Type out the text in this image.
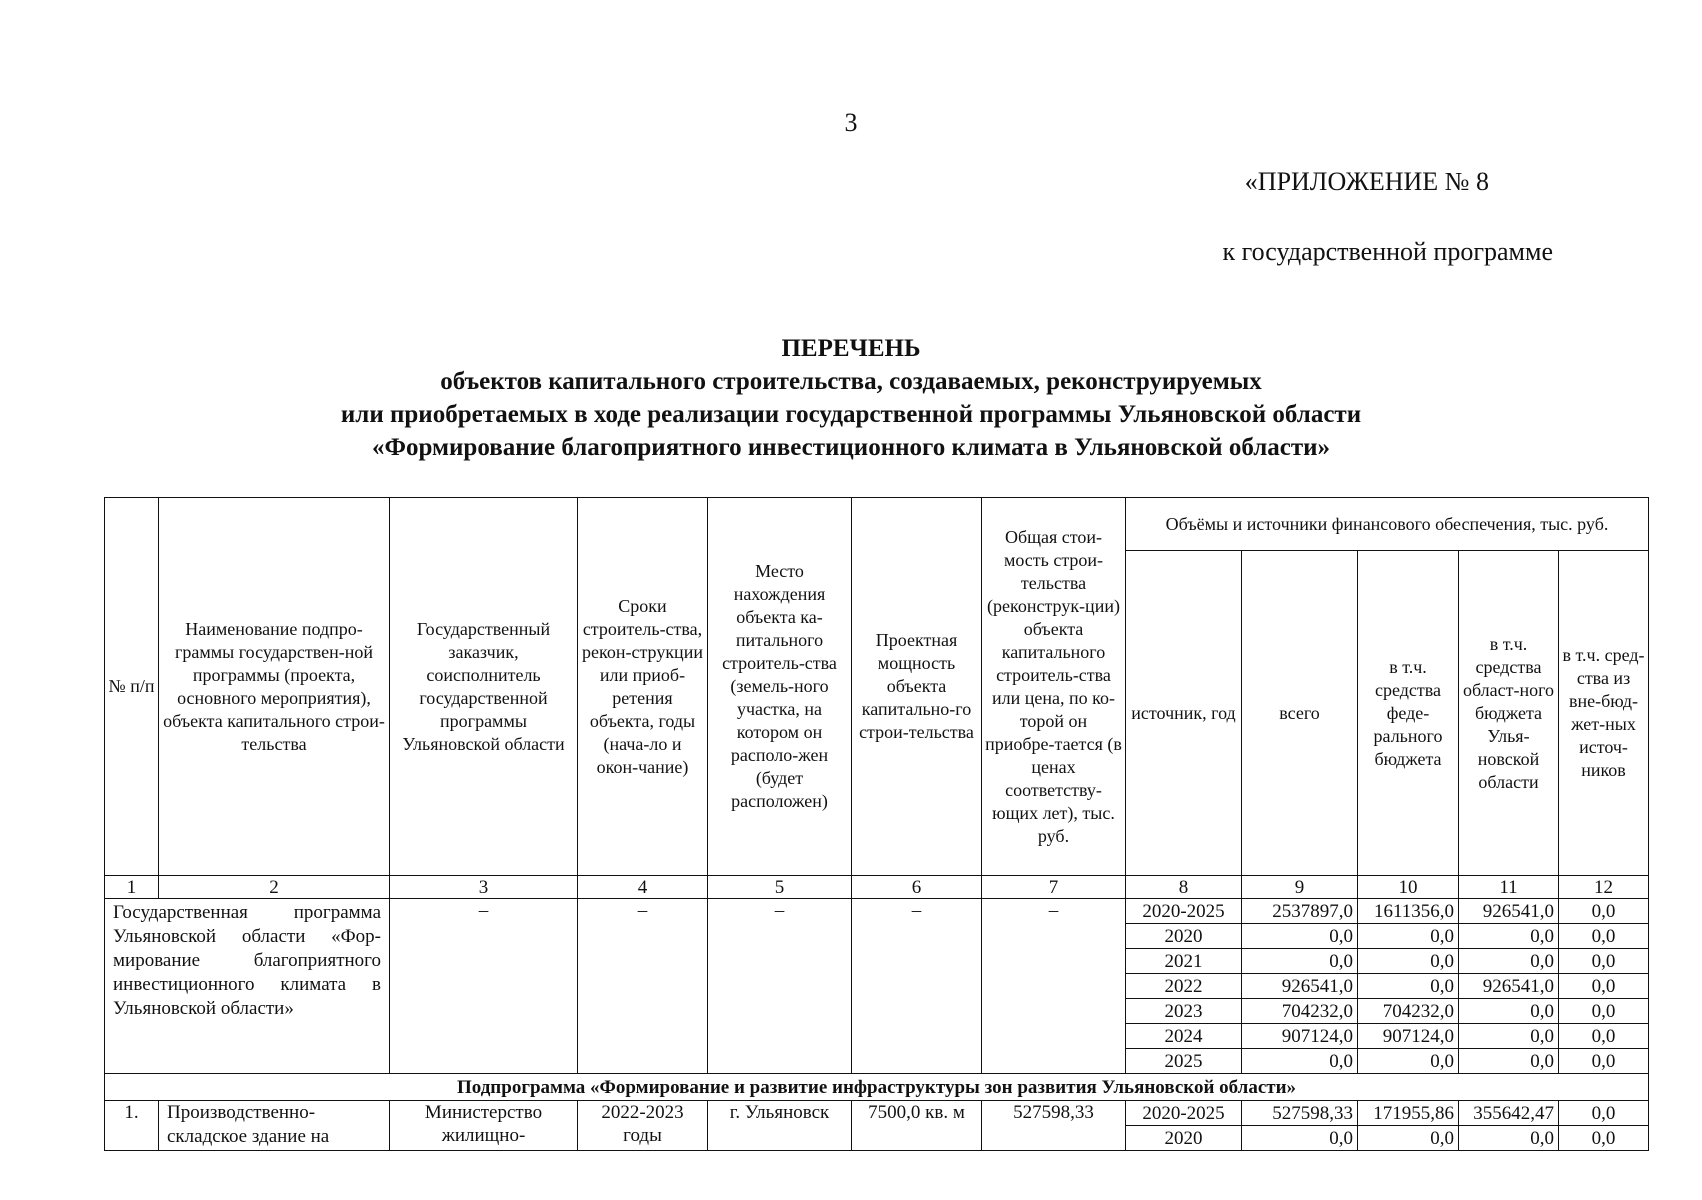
3
«ПРИЛОЖЕНИЕ № 8
к государственной программе
ПЕРЕЧЕНЬ
объектов капитального строительства, создаваемых, реконструируемых
или приобретаемых в ходе реализации государственной программы Ульяновской области
«Формирование благоприятного инвестиционного климата в Ульяновской области»
№ п/п	Наименование подпро-граммы государствен-ной программы (проекта, основного мероприятия), объекта капитального строи-тельства	Государственный заказчик, соисполнитель государственной программы Ульяновской области	Сроки строитель-ства, рекон-струкции или приоб-ретения объекта, годы (нача-ло и окон-чание)	Место нахождения объекта ка-питального строитель-ства (земель-ного участка, на котором он располо-жен (будет расположен)	Проектная мощность объекта капитально-го строи-тельства	Общая стои-мость строи-тельства (реконструк-ции) объекта капитального строитель-ства или цена, по ко-торой он приобре-тается (в ценах соответству-ющих лет), тыс. руб.	Объёмы и источники финансового обеспечения, тыс. руб.				
							источник, год	всего	в т.ч. средства феде-рального бюджета	в т.ч. средства област-ного бюджета Улья-новской области	в т.ч. сред-ства из вне-бюд-жет-ных источ-ников
1	2	3	4	5	6	7	8	9	10	11	12
Государственная программа Ульяновской области «Фор-мирование благоприятного инвестиционного климата в Ульяновской области»		–	–	–	–	–	2020-2025	2537897,0	1611356,0	926541,0	0,0
							2020	0,0	0,0	0,0	0,0
							2021	0,0	0,0	0,0	0,0
							2022	926541,0	0,0	926541,0	0,0
							2023	704232,0	704232,0	0,0	0,0
							2024	907124,0	907124,0	0,0	0,0
							2025	0,0	0,0	0,0	0,0
Подпрограмма «Формирование и развитие инфраструктуры зон развития Ульяновской области»											
1.	Производственно-складское здание на	Министерство жилищно-	2022-2023 годы	г. Ульяновск	7500,0 кв. м	527598,33	2020-2025	527598,33	171955,86	355642,47	0,0
							2020	0,0	0,0	0,0	0,0
